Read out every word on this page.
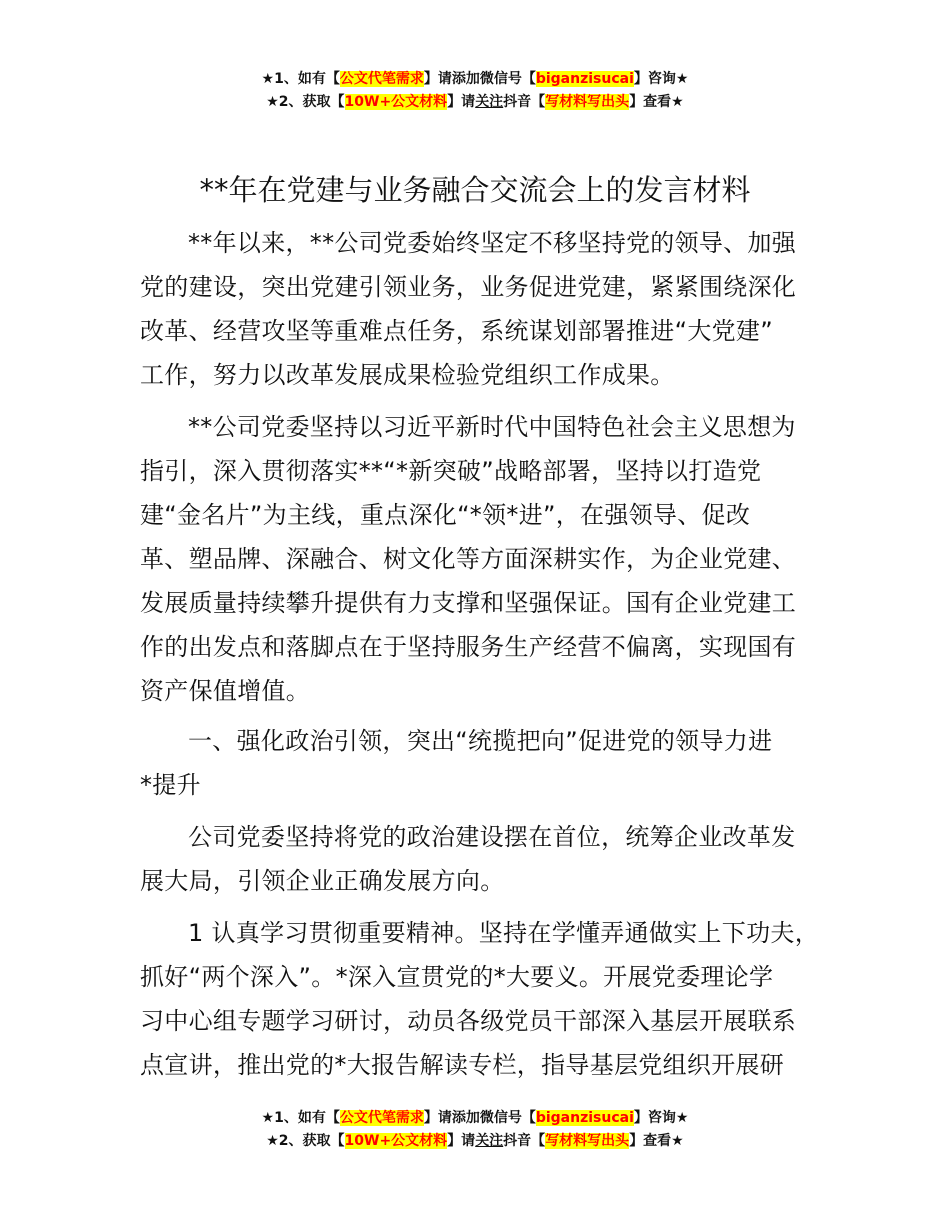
★1、如有【公文代笔需求】请添加微信号【biganzisucai】咨询★
★2、获取【10W+公文材料】请关注抖音【写材料写出头】查看★
**年在党建与业务融合交流会上的发言材料

**年以来，**公司党委始终坚定不移坚持党的领导、加强
党的建设，突出党建引领业务，业务促进党建，紧紧围绕深化
改革、经营攻坚等重难点任务，系统谋划部署推进“大党建”
工作，努力以改革发展成果检验党组织工作成果。

**公司党委坚持以习近平新时代中国特色社会主义思想为
指引，深入贯彻落实**“*新突破”战略部署，坚持以打造党
建“金名片”为主线，重点深化“*领*进”，在强领导、促改
革、塑品牌、深融合、树文化等方面深耕实作，为企业党建、
发展质量持续攀升提供有力支撑和坚强保证。国有企业党建工
作的出发点和落脚点在于坚持服务生产经营不偏离，实现国有
资产保值增值。

一、强化政治引领，突出“统揽把向”促进党的领导力进
*提升

公司党委坚持将党的政治建设摆在首位，统筹企业改革发
展大局，引领企业正确发展方向。

1 认真学习贯彻重要精神。坚持在学懂弄通做实上下功夫，
抓好“两个深入”。*深入宣贯党的*大要义。开展党委理论学
习中心组专题学习研讨，动员各级党员干部深入基层开展联系
点宣讲，推出党的*大报告解读专栏，指导基层党组织开展研

★1、如有【公文代笔需求】请添加微信号【biganzisucai】咨询★
★2、获取【10W+公文材料】请关注抖音【写材料写出头】查看★
